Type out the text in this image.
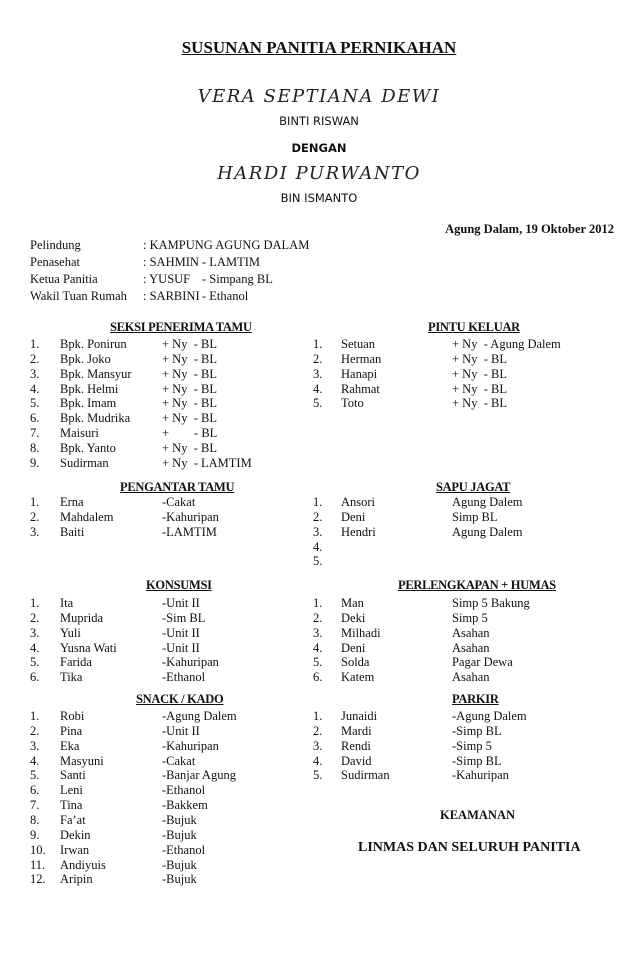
SUSUNAN PANITIA PERNIKAHAN
VERA SEPTIANA DEWI
BINTI RISWAN
DENGAN
HARDI PURWANTO
BIN ISMANTO
Agung Dalam, 19 Oktober 2012
Pelindung	: KAMPUNG AGUNG DALAM
Penasehat	: SAHMIN - LAMTIM
Ketua Panitia	: YUSUF - Simpang BL
Wakil Tuan Rumah : SARBINI - Ethanol
SEKSI PENERIMA TAMU
1. Bpk. Ponirun	+ Ny  - BL
2. Bpk. Joko	+ Ny  - BL
3. Bpk. Mansyur + Ny  - BL
4. Bpk. Helmi	+ Ny  - BL
5. Bpk. Imam	+ Ny  - BL
6. Bpk. Mudrika	+ Ny  - BL
7. Maisuri	+        - BL
8. Bpk. Yanto	+ Ny  - BL
9. Sudirman	+ Ny  - LAMTIM
PINTU KELUAR
1. Setuan	+ Ny  - Agung Dalem
2. Herman	+ Ny  - BL
3. Hanapi	+ Ny  - BL
4. Rahmat	+ Ny  - BL
5. Toto	+ Ny  - BL
PENGANTAR TAMU
1. Erna	-Cakat
2. Mahdalem	-Kahuripan
3. Baiti	-LAMTIM
SAPU JAGAT
1. Ansori	Agung Dalem
2. Deni	Simp BL
3. Hendri	Agung Dalem
4.
5.
KONSUMSI
1. Ita	-Unit II
2. Muprida	-Sim BL
3. Yuli	-Unit II
4. Yusna Wati	-Unit II
5. Farida	-Kahuripan
6. Tika	-Ethanol
PERLENGKAPAN + HUMAS
1. Man	Simp 5 Bakung
2. Deki	Simp 5
3. Milhadi	Asahan
4. Deni	Asahan
5. Solda	Pagar Dewa
6. Katem	Asahan
SNACK / KADO
1. Robi	-Agung Dalem
2. Pina	-Unit II
3. Eka	-Kahuripan
4. Masyuni	-Cakat
5. Santi	-Banjar Agung
6. Leni	-Ethanol
7. Tina	-Bakkem
8. Fa’at	-Bujuk
9. Dekin	-Bujuk
10. Irwan	-Ethanol
11. Andiyuis	-Bujuk
12. Aripin	-Bujuk
PARKIR
1. Junaidi	-Agung Dalem
2. Mardi	-Simp BL
3. Rendi	-Simp 5
4. David	-Simp BL
5. Sudirman	-Kahuripan
KEAMANAN
LINMAS DAN SELURUH PANITIA
